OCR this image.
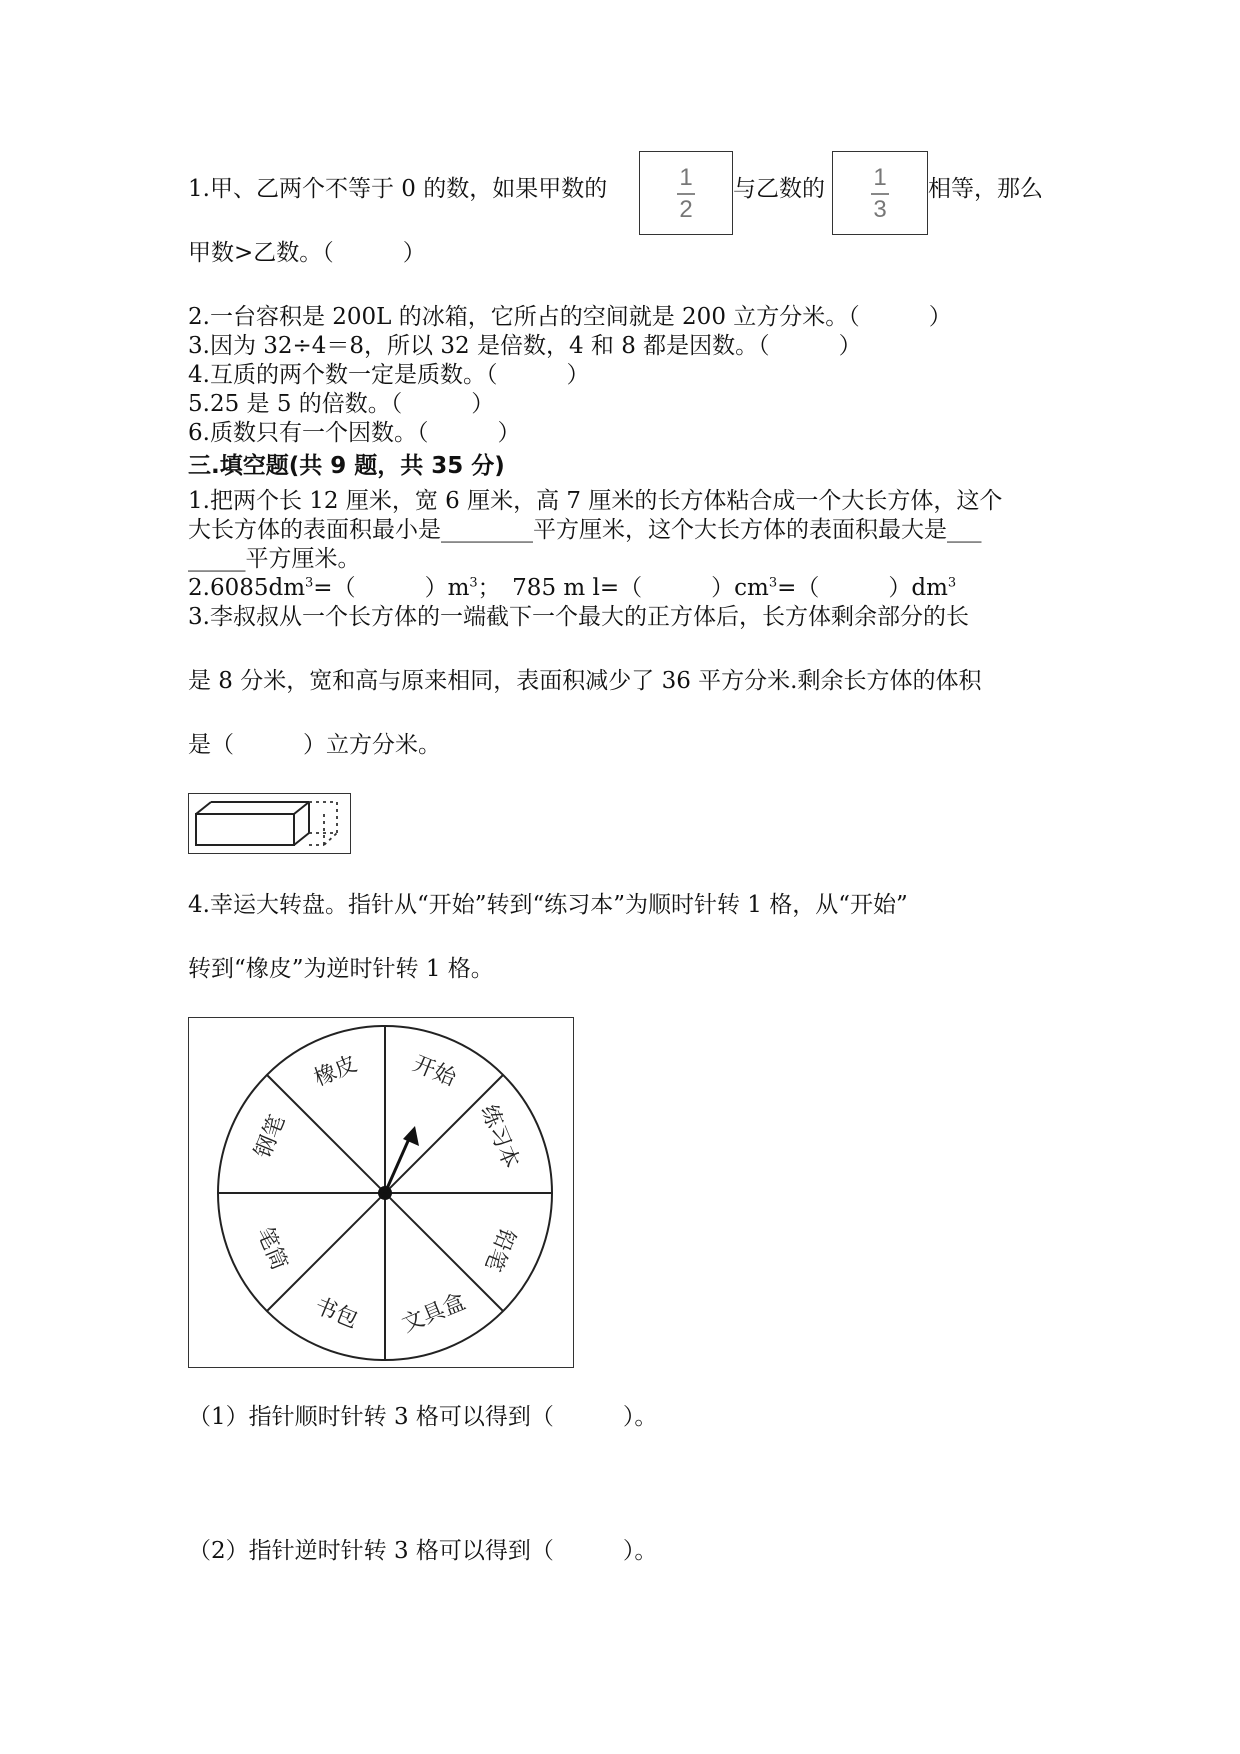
1.甲、乙两个不等于 0 的数，如果甲数的	1
2
与乙数的	1
3
相等，那么
甲数>乙数。（　　　）
2.一台容积是 200L 的冰箱，它所占的空间就是 200 立方分米。（　　　）
3.因为 32÷4＝8，所以 32 是倍数，4 和 8 都是因数。（　　　）
4.互质的两个数一定是质数。（　　　）
5.25 是 5 的倍数。（　　　）
6.质数只有一个因数。（　　　）
三.填空题(共 9 题，共 35 分)
1.把两个长 12 厘米，宽 6 厘米，高 7 厘米的长方体粘合成一个大长方体，这个
大长方体的表面积最小是________平方厘米，这个大长方体的表面积最大是___
_____平方厘米。
$2.6085dm^3=$（　　　）$m^3$；　785 m l=（　　　）$cm^3=$（　　　）$dm^3$
3.李叔叔从一个长方体的一端截下一个最大的正方体后，长方体剩余部分的长
是 8 分米，宽和高与原来相同，表面积减少了 36 平方分米.剩余长方体的体积
是（　　　）立方分米。
4.幸运大转盘。指针从“开始”转到“练习本”为顺时针转 1 格，从“开始”
转到“橡皮”为逆时针转 1 格。
开始
练习本
铅笔
文具盒
书包
笔筒
钢笔
橡皮
（1）指针顺时针转 3 格可以得到（　　　）。
（2）指针逆时针转 3 格可以得到（　　　）。
